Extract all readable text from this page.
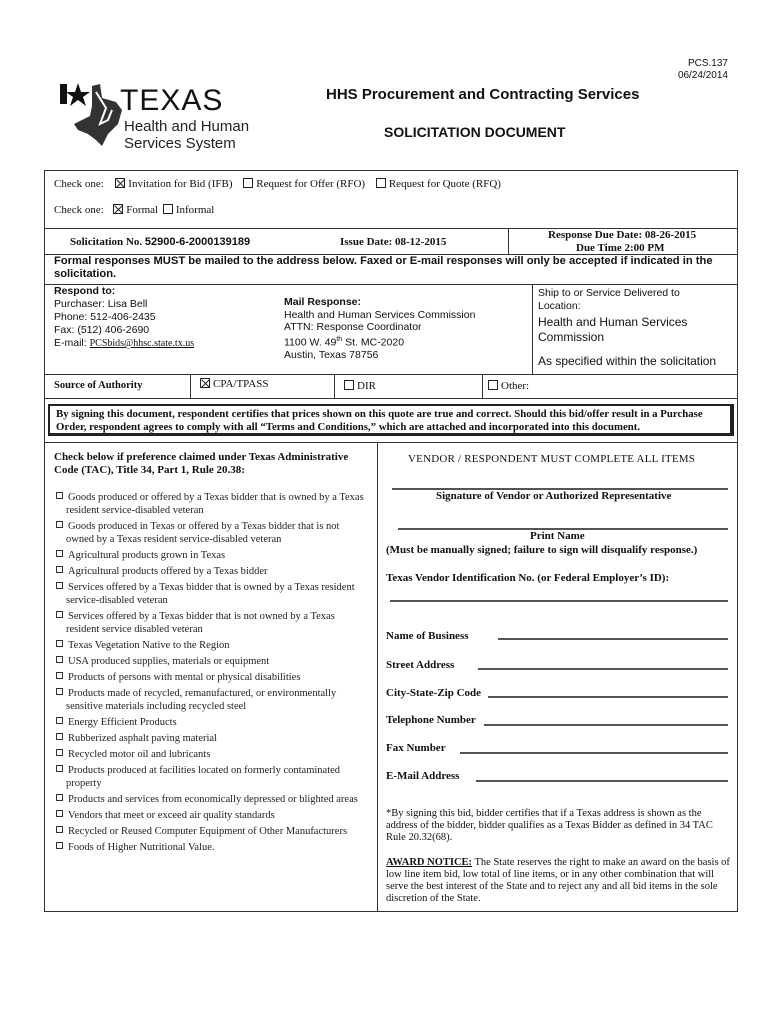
PCS.137
06/24/2014
TEXAS
Health and Human
Services System
HHS Procurement and Contracting Services
SOLICITATION DOCUMENT
Check one: Invitation for Bid (IFB) Request for Offer (RFO) Request for Quote (RFQ)
Check one: Formal Informal
Solicitation No. 52900-6-2000139189	Issue Date: 08-12-2015
Response Due Date: 08-26-2015
Due Time 2:00 PM
Formal responses MUST be mailed to the address below. Faxed or E-mail responses will only be accepted if indicated in the solicitation.
Respond to:
Purchaser: Lisa Bell
Phone: 512-406-2435
Fax: (512) 406-2690
E-mail: PCSbids@hhsc.state.tx.us
Mail Response:
Health and Human Services Commission
ATTN: Response Coordinator
1100 W. 49th St. MC-2020
Austin, Texas 78756
Ship to or Service Delivered to
Location:
Health and Human Services
Commission
As specified within the solicitation
Source of Authority	CPA/TPASS	DIR	Other:
By signing this document, respondent certifies that prices shown on this quote are true and correct. Should this bid/offer result in a Purchase Order, respondent agrees to comply with all “Terms and Conditions,” which are attached and incorporated into this document.
Check below if preference claimed under Texas Administrative Code (TAC), Title 34, Part 1, Rule 20.38:
Goods produced or offered by a Texas bidder that is owned by a Texas resident service-disabled veteran
Goods produced in Texas or offered by a Texas bidder that is not owned by a Texas resident service-disabled veteran
Agricultural products grown in Texas
Agricultural products offered by a Texas bidder
Services offered by a Texas bidder that is owned by a Texas resident service-disabled veteran
Services offered by a Texas bidder that is not owned by a Texas resident service disabled veteran
Texas Vegetation Native to the Region
USA produced supplies, materials or equipment
Products of persons with mental or physical disabilities
Products made of recycled, remanufactured, or environmentally sensitive materials including recycled steel
Energy Efficient Products
Rubberized asphalt paving material
Recycled motor oil and lubricants
Products produced at facilities located on formerly contaminated property
Products and services from economically depressed or blighted areas
Vendors that meet or exceed air quality standards
Recycled or Reused Computer Equipment of Other Manufacturers
Foods of Higher Nutritional Value.
VENDOR / RESPONDENT MUST COMPLETE ALL ITEMS
Signature of Vendor or Authorized Representative
Print Name
(Must be manually signed; failure to sign will disqualify response.)
Texas Vendor Identification No. (or Federal Employer’s ID):
Name of Business
Street Address
City-State-Zip Code
Telephone Number
Fax Number
E-Mail Address
*By signing this bid, bidder certifies that if a Texas address is shown as the address of the bidder, bidder qualifies as a Texas Bidder as defined in 34 TAC Rule 20.32(68).
AWARD NOTICE: The State reserves the right to make an award on the basis of low line item bid, low total of line items, or in any other combination that will serve the best interest of the State and to reject any and all bid items in the sole discretion of the State.
